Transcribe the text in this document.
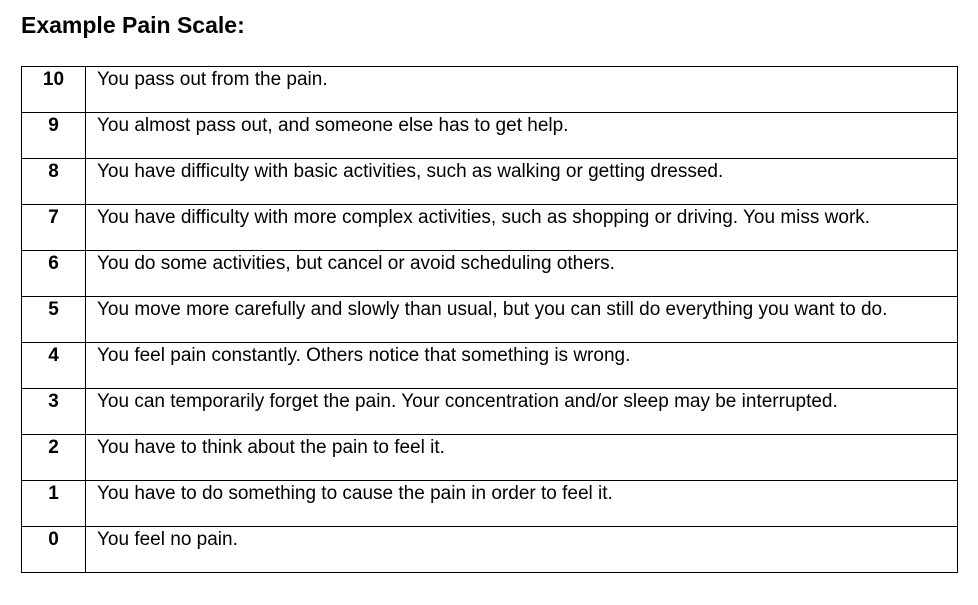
Example Pain Scale:
10	You pass out from the pain.
9	You almost pass out, and someone else has to get help.
8	You have difficulty with basic activities, such as walking or getting dressed.
7	You have difficulty with more complex activities, such as shopping or driving. You miss work.
6	You do some activities, but cancel or avoid scheduling others.
5	You move more carefully and slowly than usual, but you can still do everything you want to do.
4	You feel pain constantly. Others notice that something is wrong.
3	You can temporarily forget the pain. Your concentration and/or sleep may be interrupted.
2	You have to think about the pain to feel it.
1	You have to do something to cause the pain in order to feel it.
0	You feel no pain.
